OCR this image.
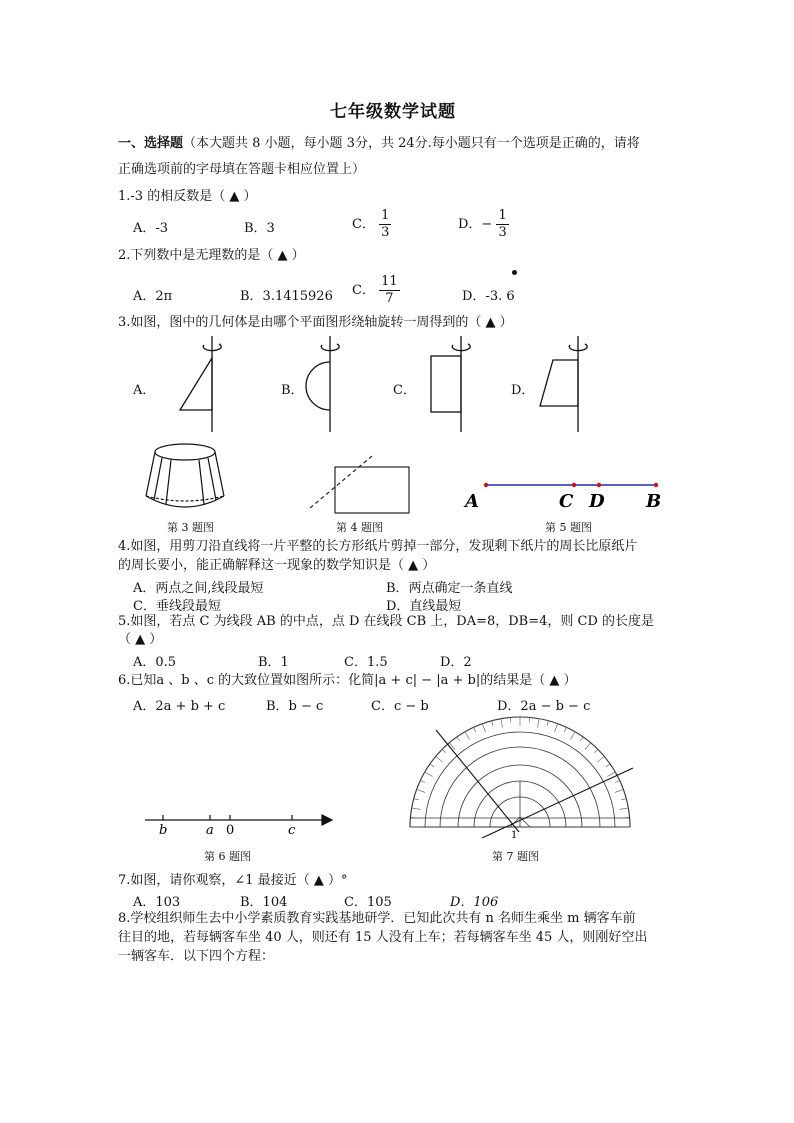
七年级数学试题
一、选择题（本大题共 8 小题，每小题 3分，共 24分.每小题只有一个选项是正确的，请将
正确选项前的字母填在答题卡相应位置上）
1.-3 的相反数是（ ▲ ）
A．-3	B．3	C． $\frac{1}{3}$	D．− $\frac{1}{3}$
2.下列数中是无理数的是（ ▲ ）
A．2π	B．3.1415926 C． $\frac{11}{7}$	D．-3. 6
3.如图，图中的几何体是由哪个平面图形绕轴旋转一周得到的（ ▲ ）
A．	B．	C．	D．
A	C D B
b	a 0	c	1
第 3 题图	第 4 题图	第 5 题图
4.如图，用剪刀沿直线将一片平整的长方形纸片剪掉一部分，发现剩下纸片的周长比原纸片
的周长要小，能正确解释这一现象的数学知识是（ ▲ ）
A．两点之间,线段最短	B．两点确定一条直线
C．垂线段最短	D．直线最短
5.如图，若点 C 为线段 AB 的中点，点 D 在线段 CB 上，DA=8，DB=4，则 CD 的长度是
（ ▲ ）
A．0.5	B．1	C．1.5	D．2
6.已知a 、b 、c 的大致位置如图所示：化简|a + c| − |a + b|的结果是（ ▲ ）
A．2a + b + c	B．b − c	C．c − b	D．2a − b − c
第 6 题图	第 7 题图
7.如图，请你观察，∠1 最接近（ ▲ ）°
A．103	B．104	C．105	D．106
8.学校组织师生去中小学素质教育实践基地研学．已知此次共有 n 名师生乘坐 m 辆客车前
往目的地，若每辆客车坐 40 人，则还有 15 人没有上车；若每辆客车坐 45 人，则刚好空出
一辆客车．以下四个方程：
